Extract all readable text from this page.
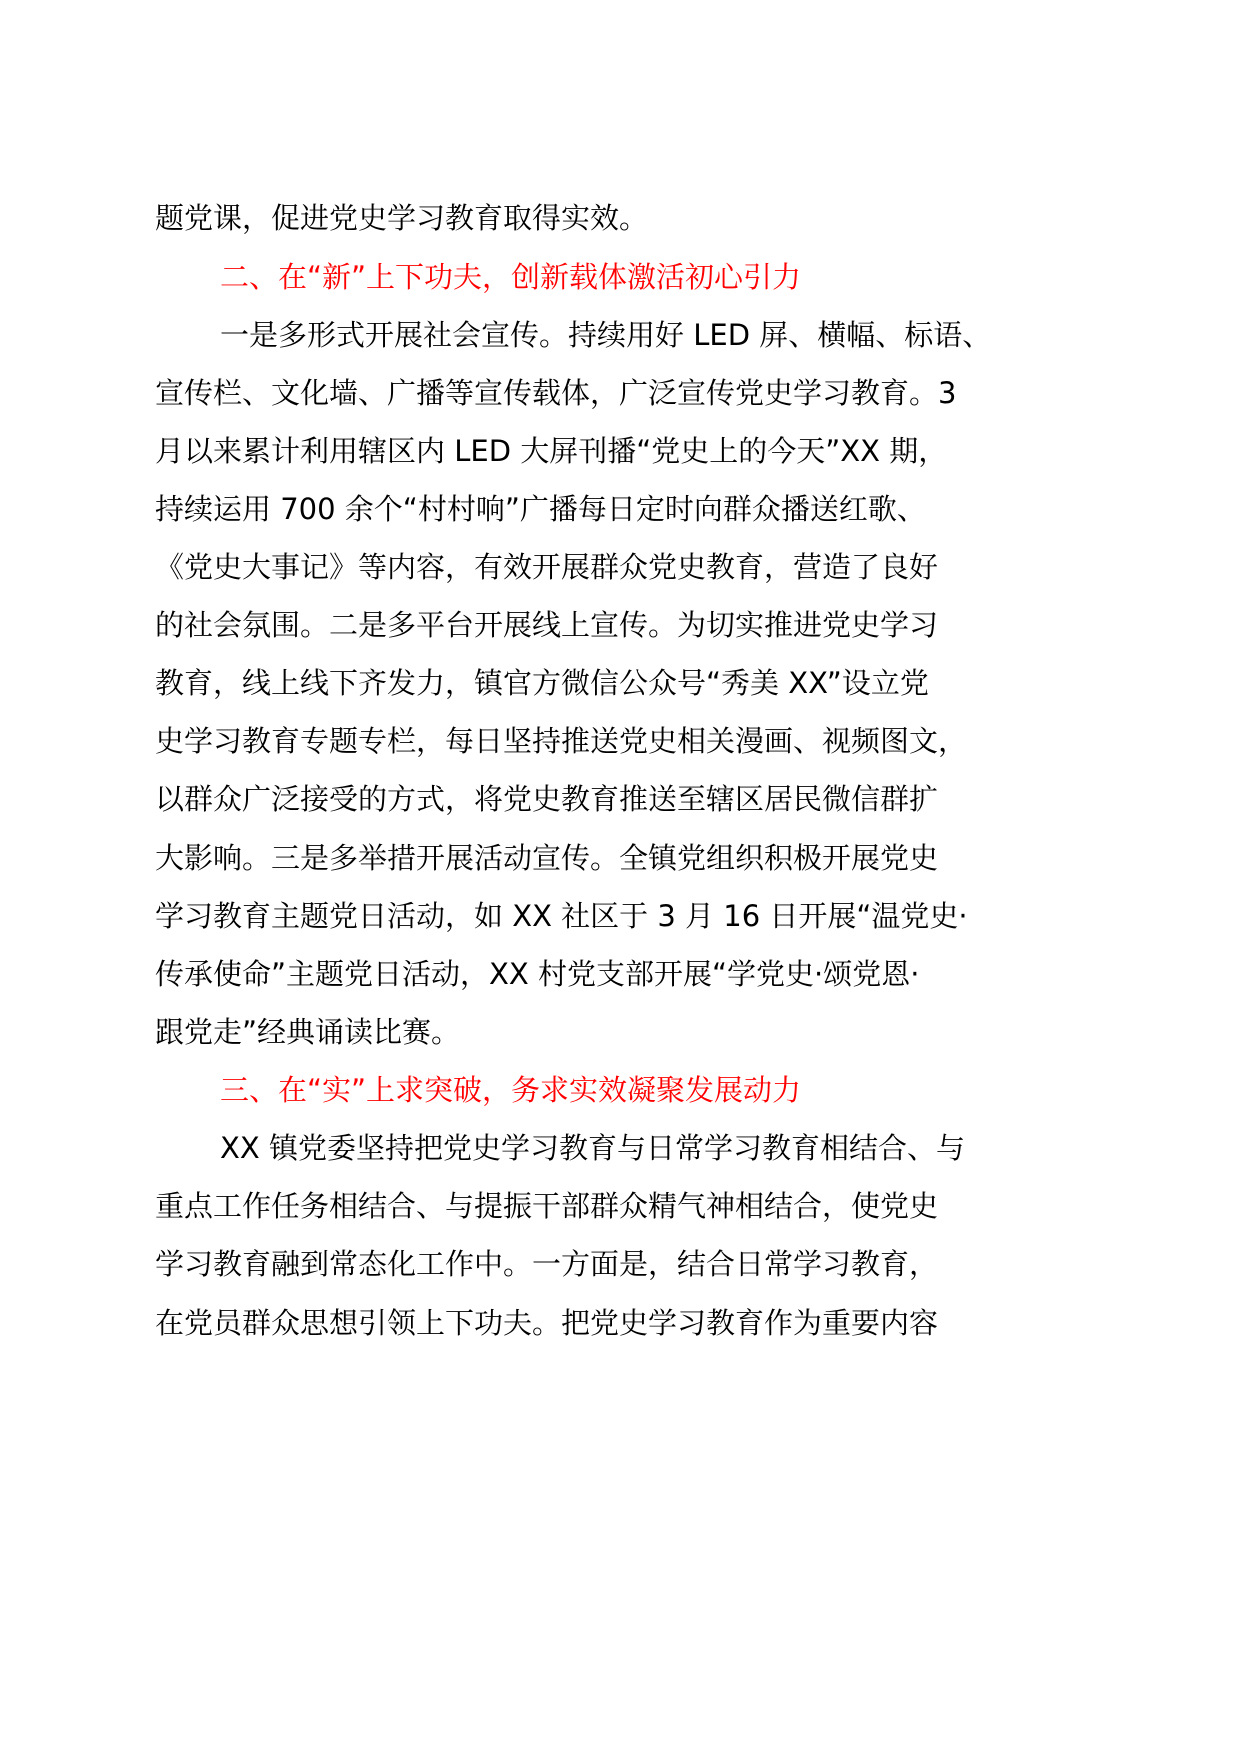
题党课，促进党史学习教育取得实效。
二、在“新”上下功夫，创新载体激活初心引力
一是多形式开展社会宣传。持续用好 LED 屏、横幅、标语、
宣传栏、文化墙、广播等宣传载体，广泛宣传党史学习教育。3
月以来累计利用辖区内 LED 大屏刊播“党史上的今天”XX 期，
持续运用 700 余个“村村响”广播每日定时向群众播送红歌、
《党史大事记》等内容，有效开展群众党史教育，营造了良好
的社会氛围。二是多平台开展线上宣传。为切实推进党史学习
教育，线上线下齐发力，镇官方微信公众号“秀美 XX”设立党
史学习教育专题专栏，每日坚持推送党史相关漫画、视频图文，
以群众广泛接受的方式，将党史教育推送至辖区居民微信群扩
大影响。三是多举措开展活动宣传。全镇党组织积极开展党史
学习教育主题党日活动，如 XX 社区于 3 月 16 日开展“温党史·
传承使命”主题党日活动，XX 村党支部开展“学党史·颂党恩·
跟党走”经典诵读比赛。
三、在“实”上求突破，务求实效凝聚发展动力
XX 镇党委坚持把党史学习教育与日常学习教育相结合、与
重点工作任务相结合、与提振干部群众精气神相结合，使党史
学习教育融到常态化工作中。一方面是，结合日常学习教育，
在党员群众思想引领上下功夫。把党史学习教育作为重要内容
